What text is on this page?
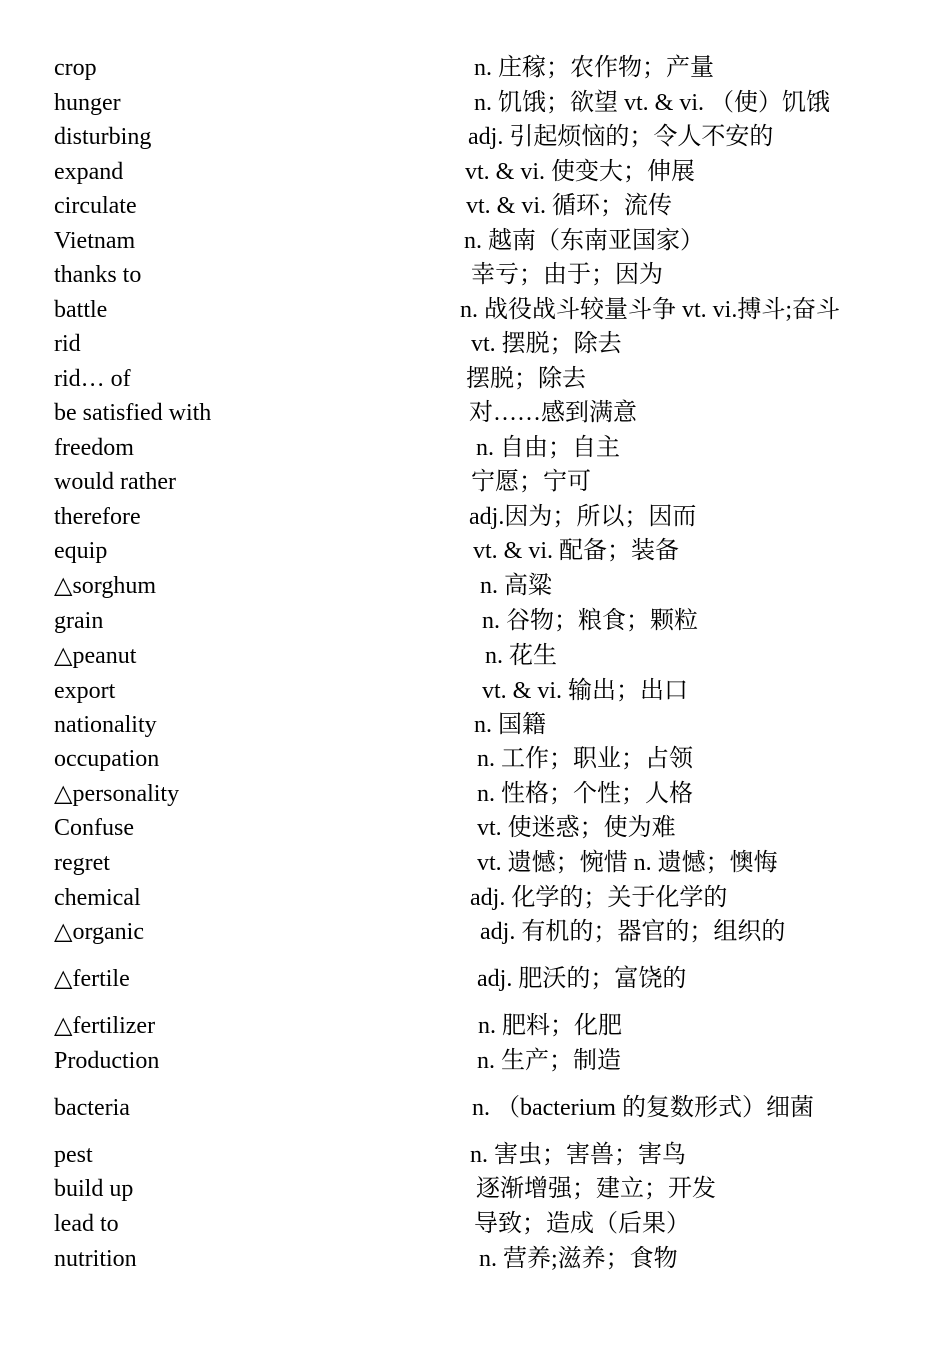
crop	n. 庄稼；农作物；产量
hunger	n. 饥饿；欲望 vt. & vi. （使）饥饿
disturbing	adj. 引起烦恼的；令人不安的
expand	vt. & vi. 使变大；伸展
circulate	vt. & vi. 循环；流传
Vietnam	n. 越南（东南亚国家）
thanks to	幸亏；由于；因为
battle	n. 战役战斗较量斗争 vt. vi.搏斗;奋斗
rid	vt. 摆脱；除去
rid… of	摆脱；除去
be satisfied with	对……感到满意
freedom	n. 自由；自主
would rather	宁愿；宁可
therefore	adj.因为；所以；因而
equip	vt. & vi. 配备；装备
△sorghum	n. 高粱
grain	n. 谷物；粮食；颗粒
△peanut	n. 花生
export	vt. & vi. 输出；出口
nationality	n. 国籍
occupation	n. 工作；职业；占领
△personality	n. 性格；个性；人格
Confuse	vt. 使迷惑；使为难
regret	vt. 遗憾；惋惜 n. 遗憾；懊悔
chemical	adj. 化学的；关于化学的
△organic	adj. 有机的；器官的；组织的
△fertile	adj. 肥沃的；富饶的
△fertilizer	n. 肥料；化肥
Production	n. 生产；制造
bacteria	n. （bacterium 的复数形式）细菌
pest	n. 害虫；害兽；害鸟
build up	逐渐增强；建立；开发
lead to	导致；造成（后果）
nutrition	n. 营养;滋养；食物
